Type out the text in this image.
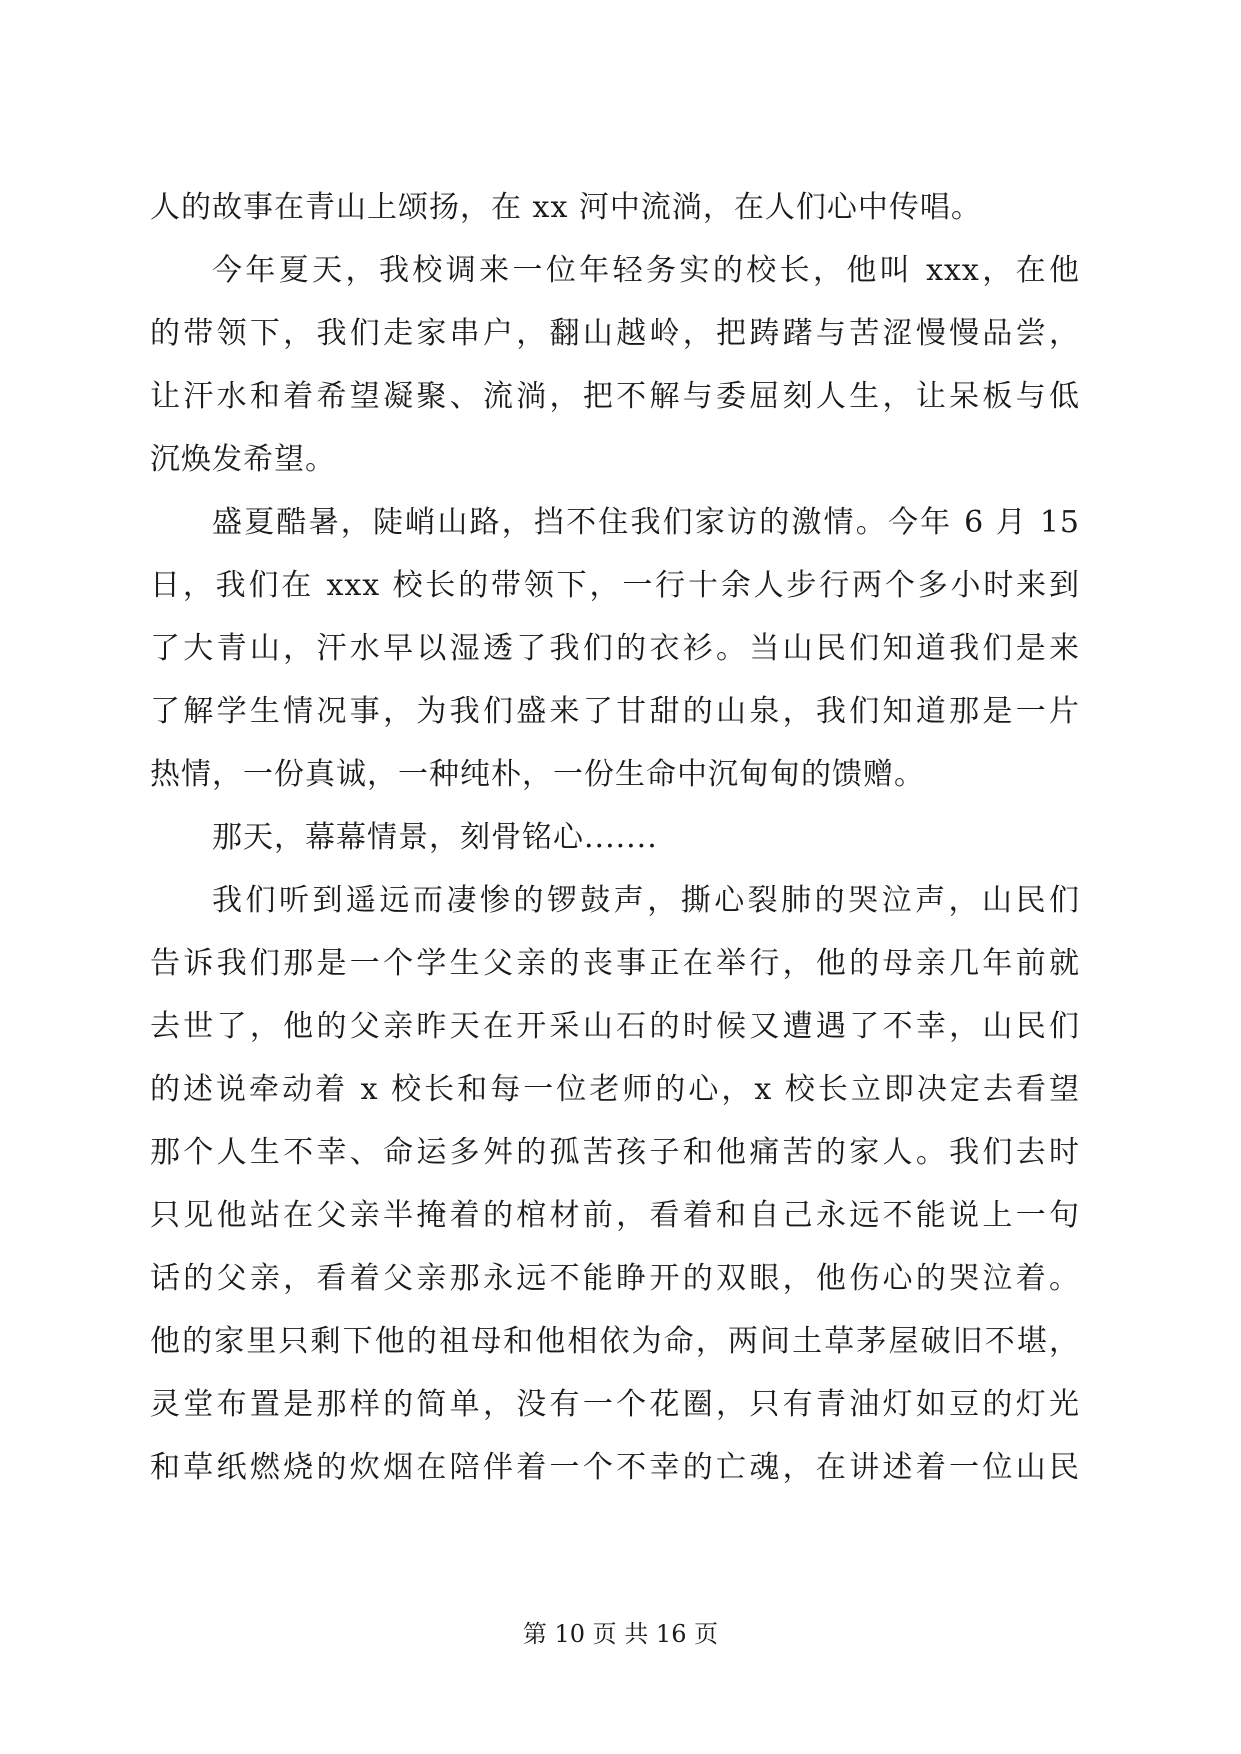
人的故事在青山上颂扬，在 xx 河中流淌，在人们心中传唱。
今年夏天，我校调来一位年轻务实的校长，他叫 xxx，在他
的带领下，我们走家串户，翻山越岭，把踌躇与苦涩慢慢品尝，
让汗水和着希望凝聚、流淌，把不解与委屈刻人生，让呆板与低
沉焕发希望。
盛夏酷暑，陡峭山路，挡不住我们家访的激情。今年 6 月 15
日，我们在 xxx 校长的带领下，一行十余人步行两个多小时来到
了大青山，汗水早以湿透了我们的衣衫。当山民们知道我们是来
了解学生情况事，为我们盛来了甘甜的山泉，我们知道那是一片
热情，一份真诚，一种纯朴，一份生命中沉甸甸的馈赠。
那天，幕幕情景，刻骨铭心.......
我们听到遥远而凄惨的锣鼓声，撕心裂肺的哭泣声，山民们
告诉我们那是一个学生父亲的丧事正在举行，他的母亲几年前就
去世了，他的父亲昨天在开采山石的时候又遭遇了不幸，山民们
的述说牵动着 x 校长和每一位老师的心，x 校长立即决定去看望
那个人生不幸、命运多舛的孤苦孩子和他痛苦的家人。我们去时
只见他站在父亲半掩着的棺材前，看着和自己永远不能说上一句
话的父亲，看着父亲那永远不能睁开的双眼，他伤心的哭泣着。
他的家里只剩下他的祖母和他相依为命，两间土草茅屋破旧不堪，
灵堂布置是那样的简单，没有一个花圈，只有青油灯如豆的灯光
和草纸燃烧的炊烟在陪伴着一个不幸的亡魂，在讲述着一位山民
第 10 页 共 16 页
